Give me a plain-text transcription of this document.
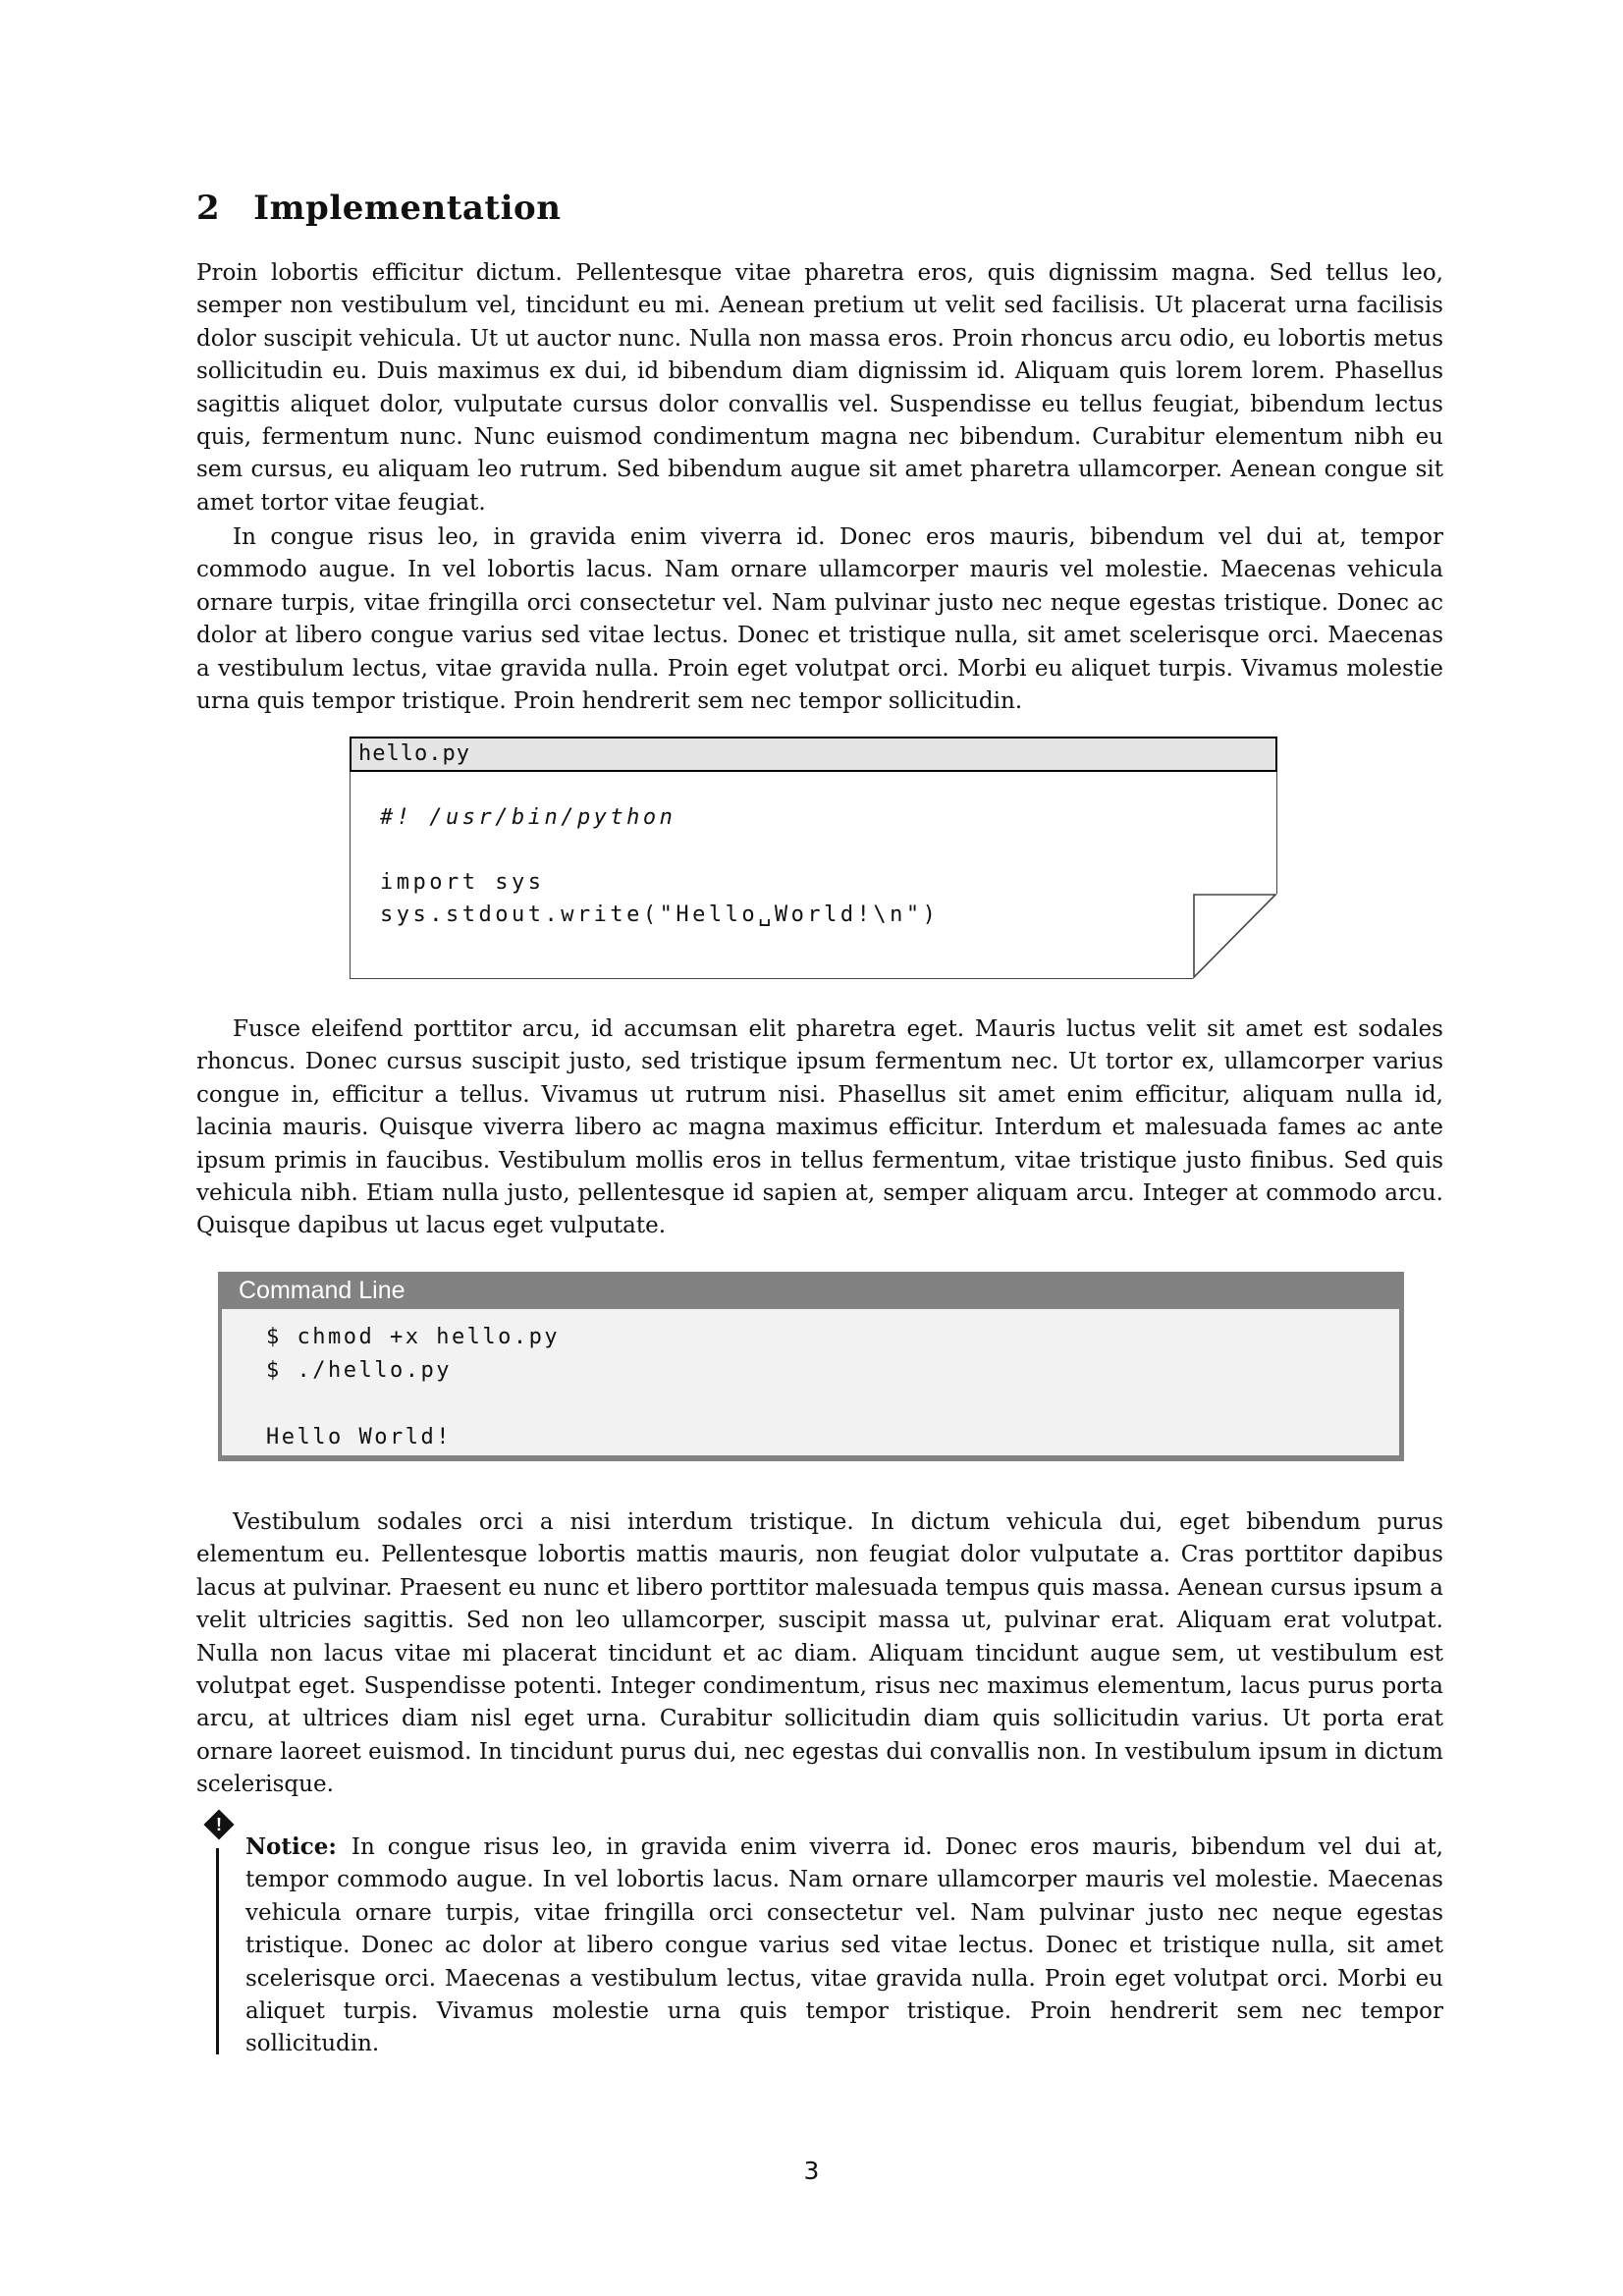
2 Implementation

Proin lobortis efficitur dictum. Pellentesque vitae pharetra eros, quis dignissim magna. Sed tellus leo, semper non vestibulum vel, tincidunt eu mi. Aenean pretium ut velit sed facilisis. Ut placerat urna facilisis dolor suscipit vehicula. Ut ut auctor nunc. Nulla non massa eros. Proin rhoncus arcu odio, eu lobortis metus sollicitudin eu. Duis maximus ex dui, id bibendum diam dignissim id. Aliquam quis lorem lorem. Phasellus sagittis aliquet dolor, vulputate cursus dolor convallis vel. Suspendisse eu tellus feugiat, bibendum lectus quis, fermentum nunc. Nunc euismod condimentum magna nec bibendum. Curabitur elementum nibh eu sem cursus, eu aliquam leo rutrum. Sed bibendum augue sit amet pharetra ullamcorper. Aenean congue sit amet tortor vitae feugiat.

In congue risus leo, in gravida enim viverra id. Donec eros mauris, bibendum vel dui at, tempor commodo augue. In vel lobortis lacus. Nam ornare ullamcorper mauris vel molestie. Maecenas vehicula ornare turpis, vitae fringilla orci consectetur vel. Nam pulvinar justo nec neque egestas tristique. Donec ac dolor at libero congue varius sed vitae lectus. Donec et tristique nulla, sit amet scelerisque orci. Maecenas a vestibulum lectus, vitae gravida nulla. Proin eget volutpat orci. Morbi eu aliquet turpis. Vivamus molestie urna quis tempor tristique. Proin hendrerit sem nec tempor sollicitudin.

hello.py
#! /usr/bin/python
import sys
sys.stdout.write("Hello␣World!\n")

Fusce eleifend porttitor arcu, id accumsan elit pharetra eget. Mauris luctus velit sit amet est sodales rhoncus. Donec cursus suscipit justo, sed tristique ipsum fermentum nec. Ut tortor ex, ullamcorper varius congue in, efficitur a tellus. Vivamus ut rutrum nisi. Phasellus sit amet enim efficitur, aliquam nulla id, lacinia mauris. Quisque viverra libero ac magna maximus efficitur. Interdum et malesuada fames ac ante ipsum primis in faucibus. Vestibulum mollis eros in tellus fermentum, vitae tristique justo finibus. Sed quis vehicula nibh. Etiam nulla justo, pellentesque id sapien at, semper aliquam arcu. Integer at commodo arcu. Quisque dapibus ut lacus eget vulputate.

Command Line
$ chmod +x hello.py
$ ./hello.py
Hello World!

Vestibulum sodales orci a nisi interdum tristique. In dictum vehicula dui, eget bibendum purus elementum eu. Pellentesque lobortis mattis mauris, non feugiat dolor vulputate a. Cras porttitor dapibus lacus at pulvinar. Praesent eu nunc et libero porttitor malesuada tempus quis massa. Aenean cursus ipsum a velit ultricies sagittis. Sed non leo ullamcorper, suscipit massa ut, pulvinar erat. Aliquam erat volutpat. Nulla non lacus vitae mi placerat tincidunt et ac diam. Aliquam tincidunt augue sem, ut vestibulum est volutpat eget. Suspendisse potenti. Integer condimentum, risus nec maximus elementum, lacus purus porta arcu, at ultrices diam nisl eget urna. Curabitur sollicitudin diam quis sollicitudin varius. Ut porta erat ornare laoreet euismod. In tincidunt purus dui, nec egestas dui convallis non. In vestibulum ipsum in dictum scelerisque.

!
Notice: In congue risus leo, in gravida enim viverra id. Donec eros mauris, bibendum vel dui at, tempor commodo augue. In vel lobortis lacus. Nam ornare ullamcorper mauris vel molestie. Maecenas vehicula ornare turpis, vitae fringilla orci consectetur vel. Nam pulvinar justo nec neque egestas tristique. Donec ac dolor at libero congue varius sed vitae lectus. Donec et tristique nulla, sit amet scelerisque orci. Maecenas a vestibulum lectus, vitae gravida nulla. Proin eget volutpat orci. Morbi eu aliquet turpis. Vivamus molestie urna quis tempor tristique. Proin hendrerit sem nec tempor sollicitudin.
3
